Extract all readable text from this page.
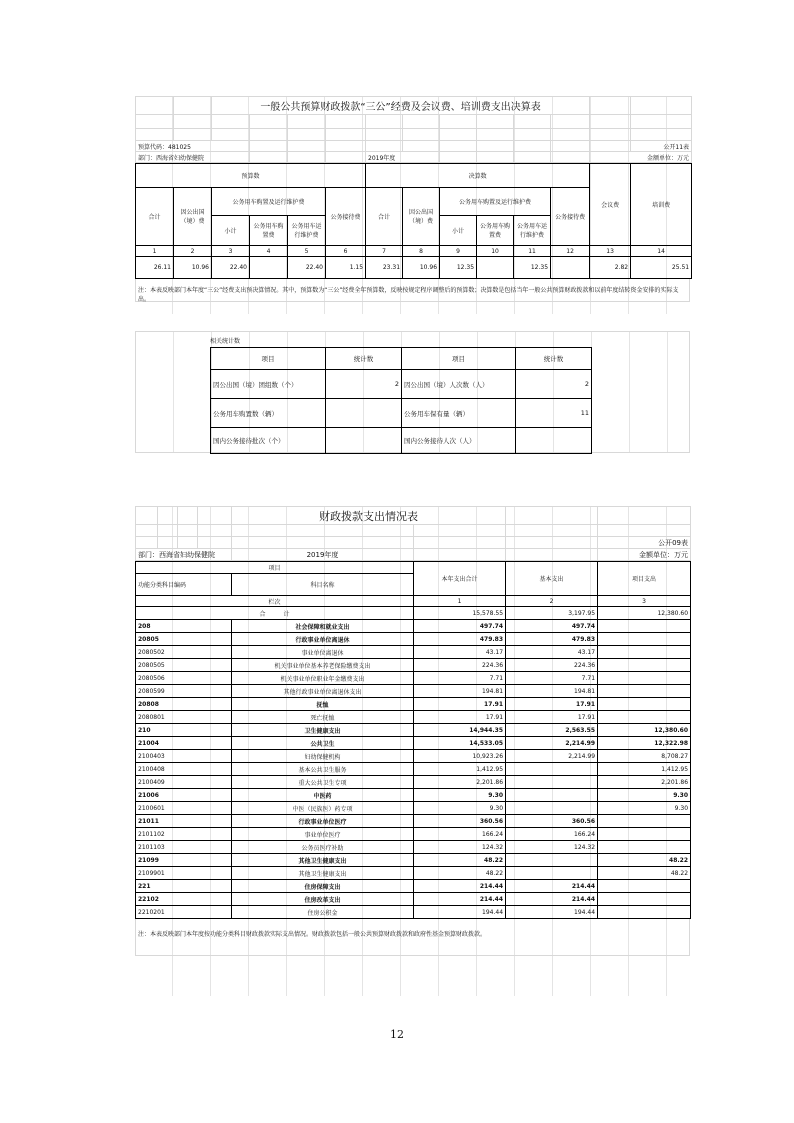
		一般公共预算财政拨款“三公”经费及会议费、培训费支出决算表											

预算代码：481025													公开11表
部门：西海省妇幼保健院						2019年度						金额单位：万元	
预算数						决算数						会议费	培训费
合计	因公出国（境）费	公务用车购置及运行维护费			公务接待费	合计	因公出国（境）费	公务用车购置及运行维护费			公务接待费		
		小计	公务用车购置费	公务用车运行维护费				小计	公务用车购置费	公务用车运行维护费			
1	2	3	4	5	6	7	8	9	10	11	12	13	14
26.11	10.96	22.40		22.40	1.15	23.31	10.96	12.35		12.35		2.82	25.51
注：本表反映部门本年度“三公”经费支出预决算情况。其中，预算数为“三公”经费全年预算数，反映按规定程序调整后的预算数；决算数是包括当年一般公共预算财政拨款和以前年度结转资金安排的实际支出。
相关统计数
项目	统计数	项目	统计数
因公出国（境）团组数（个）	2	因公出国（境）人次数（人）	2
公务用车购置数（辆）		公务用车保有量（辆）	11
国内公务接待批次（个）		国内公务接待人次（人）	
				财政拨款支出情况表			

							公开09表
部门：西海省妇幼保健院				2019年度			金额单位：万元
项目		本年支出合计	基本支出	项目支出
功能分类科目编码	科目名称			
栏次		1	2	3
合　　　计		15,578.55	3,197.95	12,380.60
208	社会保障和就业支出	497.74	497.74	
20805	行政事业单位离退休	479.83	479.83	
2080502	事业单位离退休	43.17	43.17	
2080505	机关事业单位基本养老保险缴费支出	224.36	224.36	
2080506	机关事业单位职业年金缴费支出	7.71	7.71	
2080599	其他行政事业单位离退休支出	194.81	194.81	
20808	抚恤	17.91	17.91	
2080801	死亡抚恤	17.91	17.91	
210	卫生健康支出	14,944.35	2,563.55	12,380.60
21004	公共卫生	14,533.05	2,214.99	12,322.98
2100403	妇幼保健机构	10,923.26	2,214.99	8,708.27
2100408	基本公共卫生服务	1,412.95		1,412.95
2100409	重大公共卫生专项	2,201.86		2,201.86
21006	中医药	9.30		9.30
2100601	中医（民族医）药专项	9.30		9.30
21011	行政事业单位医疗	360.56	360.56	
2101102	事业单位医疗	166.24	166.24	
2101103	公务员医疗补助	124.32	124.32	
21099	其他卫生健康支出	48.22		48.22
2109901	其他卫生健康支出	48.22		48.22
221	住房保障支出	214.44	214.44	
22102	住房改革支出	214.44	214.44	
2210201	住房公积金	194.44	194.44	
注：本表反映部门本年度按功能分类科目财政拨款实际支出情况。财政拨款包括一般公共预算财政拨款和政府性基金预算财政拨款。
12
